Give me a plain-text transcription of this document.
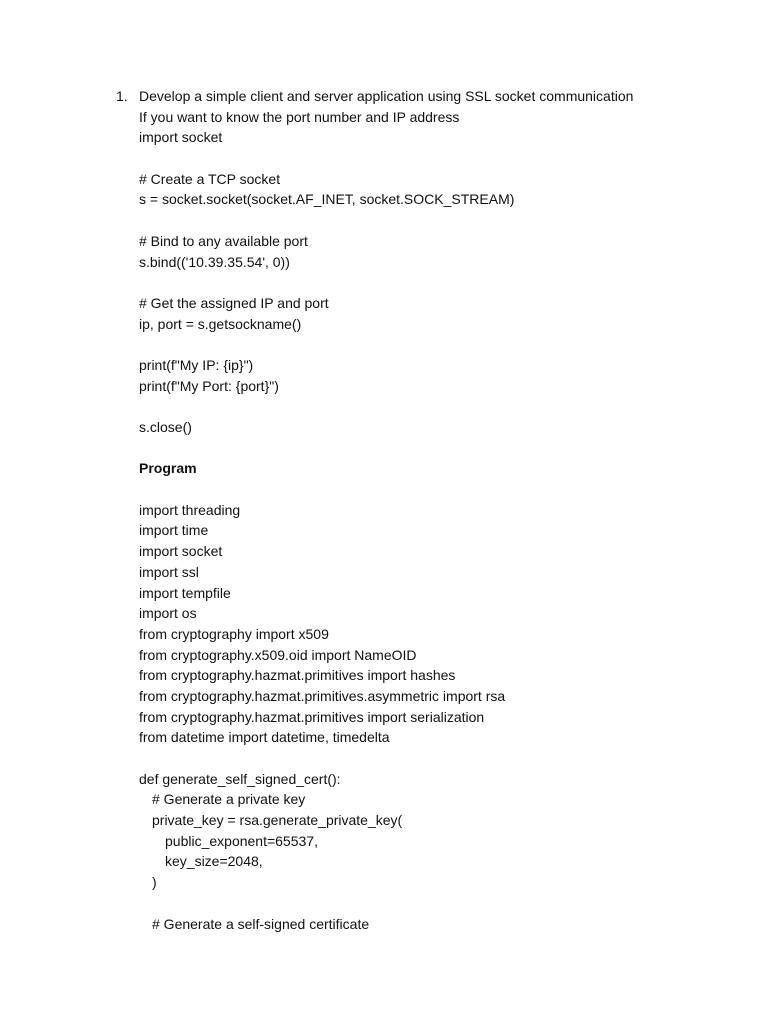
1. Develop a simple client and server application using SSL socket communication
If you want to know the port number and IP address
import socket
# Create a TCP socket
s = socket.socket(socket.AF_INET, socket.SOCK_STREAM)
# Bind to any available port
s.bind(('10.39.35.54', 0))
# Get the assigned IP and port
ip, port = s.getsockname()
print(f"My IP: {ip}")
print(f"My Port: {port}")
s.close()
Program
import threading
import time
import socket
import ssl
import tempfile
import os
from cryptography import x509
from cryptography.x509.oid import NameOID
from cryptography.hazmat.primitives import hashes
from cryptography.hazmat.primitives.asymmetric import rsa
from cryptography.hazmat.primitives import serialization
from datetime import datetime, timedelta
def generate_self_signed_cert():
# Generate a private key
private_key = rsa.generate_private_key(
public_exponent=65537,
key_size=2048,
)
# Generate a self-signed certificate
